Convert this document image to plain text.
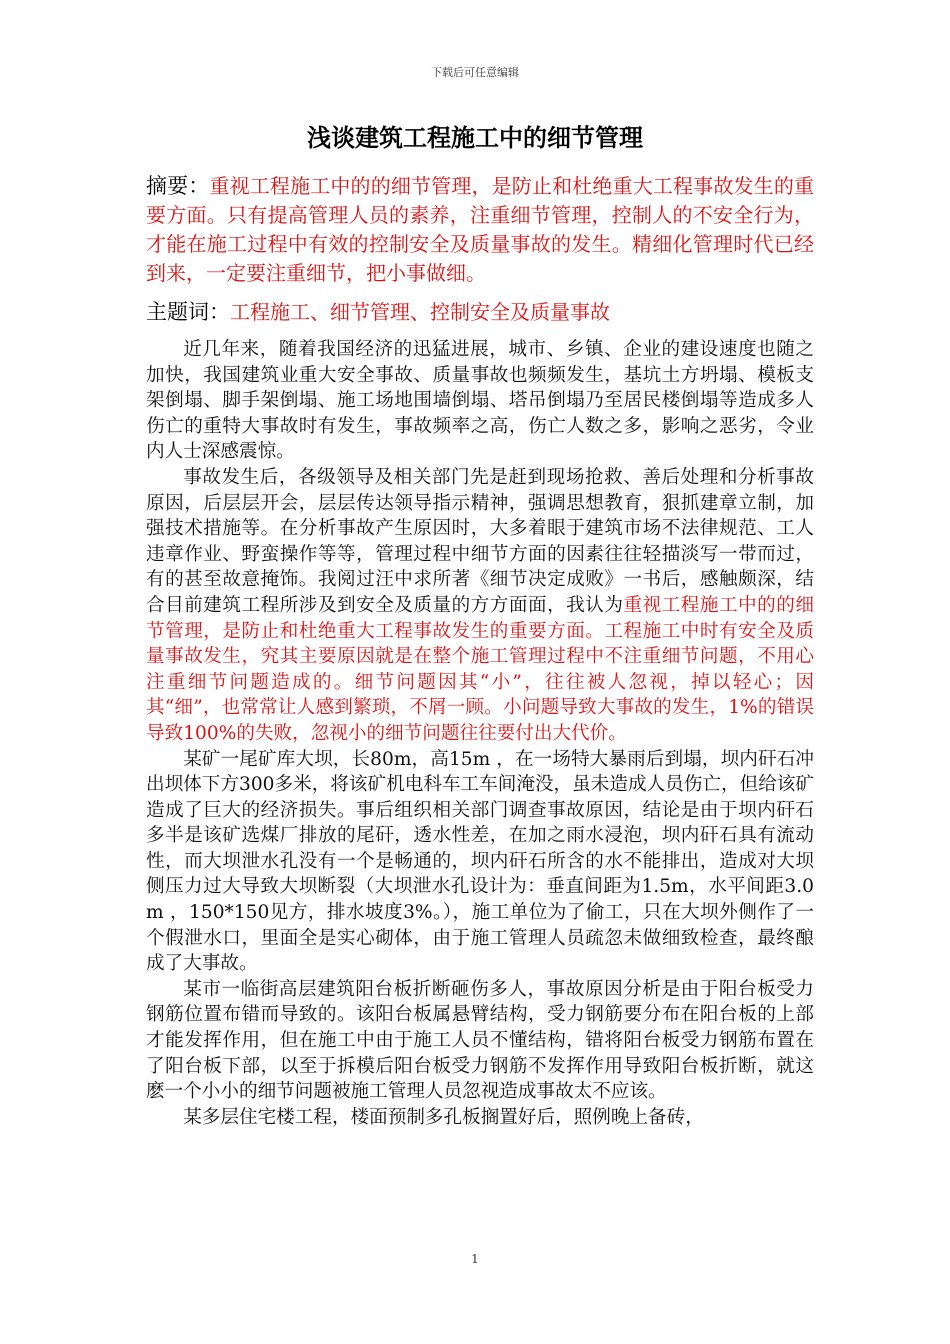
下载后可任意编辑
浅谈建筑工程施工中的细节管理
摘要：重视工程施工中的的细节管理，是防止和杜绝重大工程事故发生的重要方面。只有提高管理人员的素养，注重细节管理，控制人的不安全行为，才能在施工过程中有效的控制安全及质量事故的发生。精细化管理时代已经到来，一定要注重细节，把小事做细。
主题词：工程施工、细节管理、控制安全及质量事故

近几年来，随着我国经济的迅猛进展，城市、乡镇、企业的建设速度也随之加快，我国建筑业重大安全事故、质量事故也频频发生，基坑土方坍塌、模板支架倒塌、脚手架倒塌、施工场地围墙倒塌、塔吊倒塌乃至居民楼倒塌等造成多人伤亡的重特大事故时有发生，事故频率之高，伤亡人数之多，影响之恶劣，令业内人士深感震惊。

事故发生后，各级领导及相关部门先是赶到现场抢救、善后处理和分析事故原因，后层层开会，层层传达领导指示精神，强调思想教育，狠抓建章立制，加强技术措施等。在分析事故产生原因时，大多着眼于建筑市场不法律规范、工人违章作业、野蛮操作等等，管理过程中细节方面的因素往往轻描淡写一带而过，有的甚至故意掩饰。我阅过汪中求所著《细节决定成败》一书后，感触颇深，结合目前建筑工程所涉及到安全及质量的方方面面，我认为重视工程施工中的的细节管理，是防止和杜绝重大工程事故发生的重要方面。工程施工中时有安全及质量事故发生，究其主要原因就是在整个施工管理过程中不注重细节问题，不用心注重细节问题造成的。细节问题因其“小”，往往被人忽视，掉以轻心；因其“细”，也常常让人感到繁琐，不屑一顾。小问题导致大事故的发生，1%的错误导致100%的失败，忽视小的细节问题往往要付出大代价。

某矿一尾矿库大坝，长80m，高15m ，在一场特大暴雨后到塌，坝内矸石冲出坝体下方300多米，将该矿机电科车工车间淹没，虽未造成人员伤亡，但给该矿造成了巨大的经济损失。事后组织相关部门调查事故原因，结论是由于坝内矸石多半是该矿选煤厂排放的尾矸，透水性差，在加之雨水浸泡，坝内矸石具有流动性，而大坝泄水孔没有一个是畅通的，坝内矸石所含的水不能排出，造成对大坝侧压力过大导致大坝断裂（大坝泄水孔设计为：垂直间距为1.5m，水平间距3.0 m ，150*150见方，排水坡度3%。），施工单位为了偷工，只在大坝外侧作了一个假泄水口，里面全是实心砌体，由于施工管理人员疏忽未做细致检查，最终酿成了大事故。

某市一临街高层建筑阳台板折断砸伤多人，事故原因分析是由于阳台板受力钢筋位置布错而导致的。该阳台板属悬臂结构，受力钢筋要分布在阳台板的上部才能发挥作用，但在施工中由于施工人员不懂结构，错将阳台板受力钢筋布置在了阳台板下部，以至于拆模后阳台板受力钢筋不发挥作用导致阳台板折断，就这麽一个小小的细节问题被施工管理人员忽视造成事故太不应该。

某多层住宅楼工程，楼面预制多孔板搁置好后，照例晚上备砖，

1
